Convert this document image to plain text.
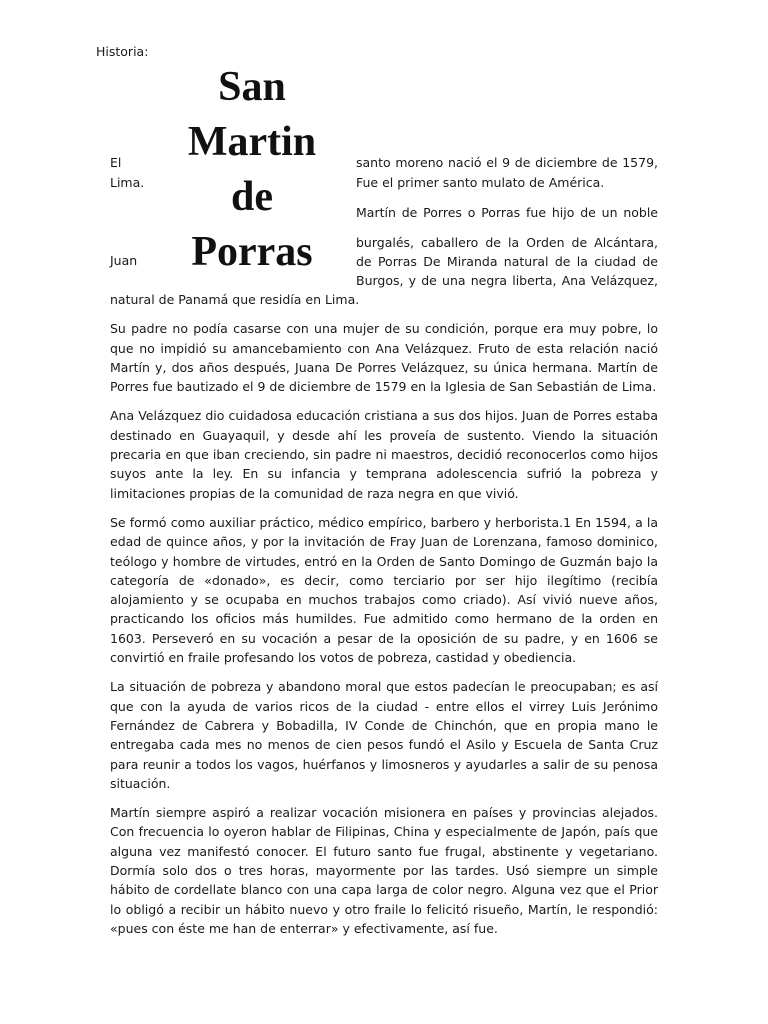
Historia:
San
Martin
de
Porras
El
Lima.
Juan

santo moreno nació el 9 de diciembre de 1579,

Fue el primer santo mulato de América.

Martín de Porres o Porras fue hijo de un noble

burgalés, caballero de la Orden de Alcántara,

de Porras De Miranda natural de la ciudad de

Burgos, y de una negra liberta, Ana Velázquez,

natural de Panamá que residía en Lima.

Su padre no podía casarse con una mujer de su condición, porque era muy pobre, lo que no impidió su amancebamiento con Ana Velázquez. Fruto de esta relación nació Martín y, dos años después, Juana De Porres Velázquez, su única hermana. Martín de Porres fue bautizado el 9 de diciembre de 1579 en la Iglesia de San Sebastián de Lima.

Ana Velázquez dio cuidadosa educación cristiana a sus dos hijos. Juan de Porres estaba destinado en Guayaquil, y desde ahí les proveía de sustento. Viendo la situación precaria en que iban creciendo, sin padre ni maestros, decidió reconocerlos como hijos suyos ante la ley. En su infancia y temprana adolescencia sufrió la pobreza y limitaciones propias de la comunidad de raza negra en que vivió.

Se formó como auxiliar práctico, médico empírico, barbero y herborista.1 En 1594, a la edad de quince años, y por la invitación de Fray Juan de Lorenzana, famoso dominico, teólogo y hombre de virtudes, entró en la Orden de Santo Domingo de Guzmán bajo la categoría de «donado», es decir, como terciario por ser hijo ilegítimo (recibía alojamiento y se ocupaba en muchos trabajos como criado). Así vivió nueve años, practicando los oficios más humildes. Fue admitido como hermano de la orden en 1603. Perseveró en su vocación a pesar de la oposición de su padre, y en 1606 se convirtió en fraile profesando los votos de pobreza, castidad y obediencia.

La situación de pobreza y abandono moral que estos padecían le preocupaban; es así que con la ayuda de varios ricos de la ciudad - entre ellos el virrey Luis Jerónimo Fernández de Cabrera y Bobadilla, IV Conde de Chinchón, que en propia mano le entregaba cada mes no menos de cien pesos fundó el Asilo y Escuela de Santa Cruz para reunir a todos los vagos, huérfanos y limosneros y ayudarles a salir de su penosa situación.

Martín siempre aspiró a realizar vocación misionera en países y provincias alejados. Con frecuencia lo oyeron hablar de Filipinas, China y especialmente de Japón, país que alguna vez manifestó conocer. El futuro santo fue frugal, abstinente y vegetariano. Dormía solo dos o tres horas, mayormente por las tardes. Usó siempre un simple hábito de cordellate blanco con una capa larga de color negro. Alguna vez que el Prior lo obligó a recibir un hábito nuevo y otro fraile lo felicitó risueño, Martín, le respondió: «pues con éste me han de enterrar» y efectivamente, así fue.
